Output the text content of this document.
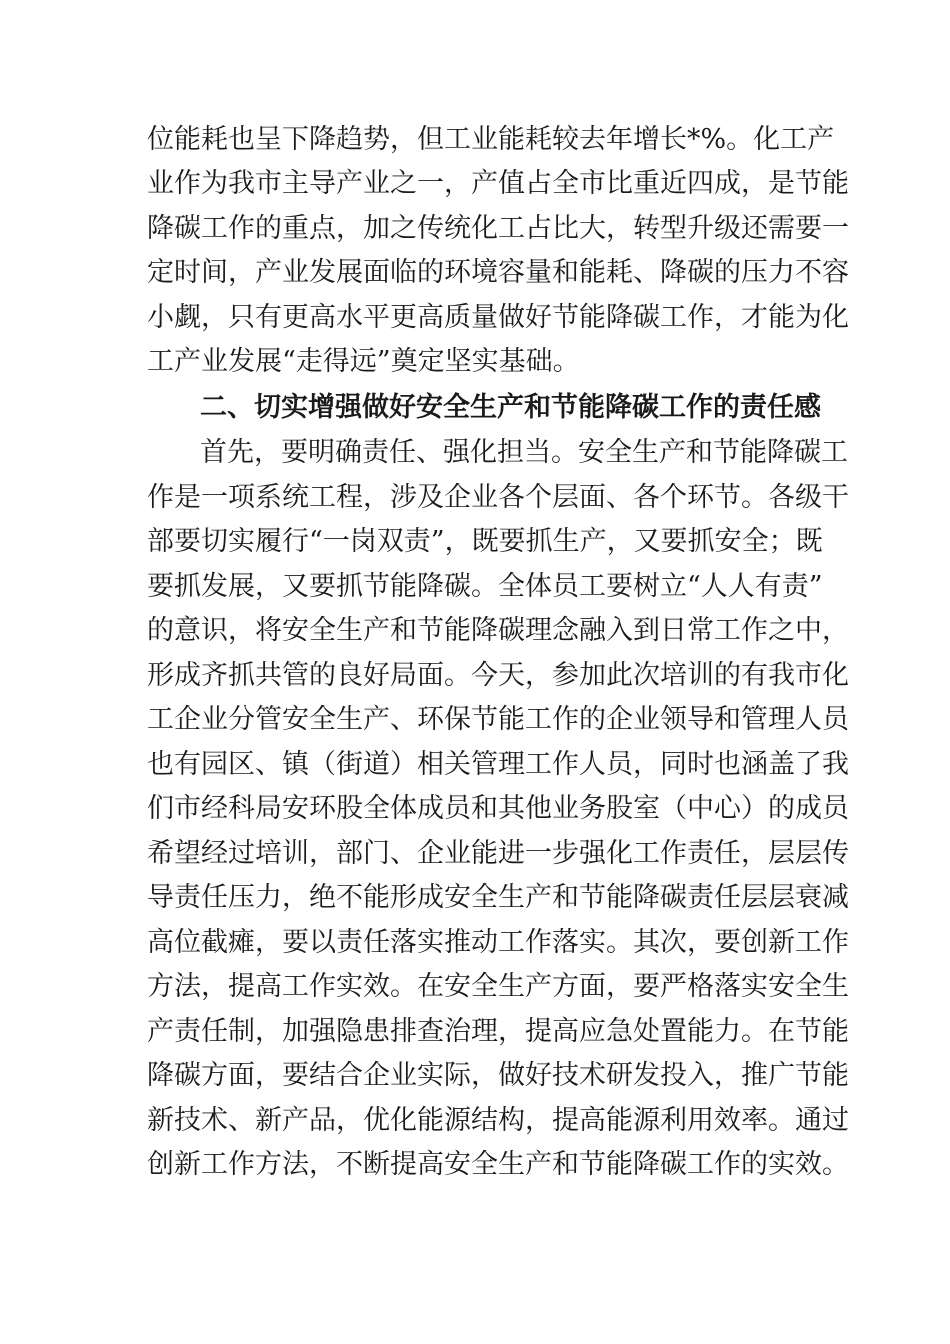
位能耗也呈下降趋势，但工业能耗较去年增长*%。化工产
业作为我市主导产业之一，产值占全市比重近四成，是节能
降碳工作的重点，加之传统化工占比大，转型升级还需要一
定时间，产业发展面临的环境容量和能耗、降碳的压力不容
小觑，只有更高水平更高质量做好节能降碳工作，才能为化
工产业发展“走得远”奠定坚实基础。
二、切实增强做好安全生产和节能降碳工作的责任感
首先，要明确责任、强化担当。安全生产和节能降碳工
作是一项系统工程，涉及企业各个层面、各个环节。各级干
部要切实履行“一岗双责”，既要抓生产，又要抓安全；既
要抓发展，又要抓节能降碳。全体员工要树立“人人有责”
的意识，将安全生产和节能降碳理念融入到日常工作之中，
形成齐抓共管的良好局面。今天，参加此次培训的有我市化
工企业分管安全生产、环保节能工作的企业领导和管理人员
也有园区、镇（街道）相关管理工作人员，同时也涵盖了我
们市经科局安环股全体成员和其他业务股室（中心）的成员
希望经过培训，部门、企业能进一步强化工作责任，层层传
导责任压力，绝不能形成安全生产和节能降碳责任层层衰减
高位截瘫，要以责任落实推动工作落实。其次，要创新工作
方法，提高工作实效。在安全生产方面，要严格落实安全生
产责任制，加强隐患排查治理，提高应急处置能力。在节能
降碳方面，要结合企业实际，做好技术研发投入，推广节能
新技术、新产品，优化能源结构，提高能源利用效率。通过
创新工作方法，不断提高安全生产和节能降碳工作的实效。
